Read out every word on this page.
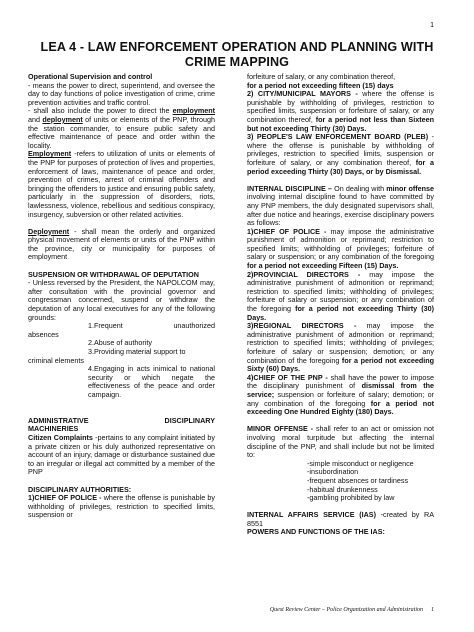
1
LEA 4 - LAW ENFORCEMENT OPERATION AND PLANNING WITH CRIME MAPPING

Operational Supervision and control

- means the power to direct, superintend, and oversee the day to day functions of police investigation of crime, crime prevention activities and traffic control.

- shall also include the power to direct the employment and deployment of units or elements of the PNP, through the station commander, to ensure public safety and effective maintenance of peace and order within the locality.

Employment -refers to utilization of units or elements of the PNP for purposes of protection of lives and properties, enforcement of laws, maintenance of peace and order, prevention of crimes, arrest of criminal offenders and bringing the offenders to justice and ensuring public safety, particularly in the suppression of disorders, riots, lawlessness, violence, rebellious and seditious conspiracy, insurgency, subversion or other related activities.

Deployment - shall mean the orderly and organized physical movement of elements or units of the PNP within the province, city or municipality for purposes of employment

SUSPENSION OR WITHDRAWAL OF DEPUTATION

- Unless reversed by the President, the NAPOLCOM may, after consultation with the provincial governor and congressman concerned, suspend or withdraw the deputation of any local executives for any of the following grounds:

1.Frequent	unauthorized

absences

2.Abuse of authority

3.Providing material support to

criminal elements

4.Engaging in acts inimical to national security or which negate the effectiveness of the peace and order campaign.

ADMINISTRATIVE	DISCIPLINARY

MACHINERIES

Citizen Complaints -pertains to any complaint initiated by a private citizen or his duly authorized representative on account of an injury, damage or disturbance sustained due to an irregular or illegal act committed by a member of the PNP

DISCIPLINARY AUTHORITIES:

1)CHIEF OF POLICE - where the offense is punishable by withholding of privileges, restriction to specified limits, suspension or

forfeiture of salary, or any combination thereof,

for a period not exceeding fifteen (15) days

2) CITY/MUNICIPAL MAYORS - where the offense is punishable by withholding of privileges, restriction to specified limits, suspension or forfeiture of salary, or any combination thereof, for a period not less than Sixteen but not exceeding Thirty (30) Days.

3) PEOPLE'S LAW ENFORCEMENT BOARD (PLEB) -where the offense is punishable by withholding of privileges, restriction to specified limits, suspension or forfeiture of salary, or any combination thereof, for a period exceeding Thirty (30) Days, or by Dismissal.

INTERNAL DISCIPLINE – On dealing with minor offense involving internal discipline found to have committed by any PNP members, the duly designated supervisors shall, after due notice and hearings, exercise disciplinary powers as follows:

1)CHIEF OF POLICE - may impose the administrative punishment of admonition or reprimand; restriction to specified limits; withholding of privileges; forfeiture of salary or suspension; or any combination of the foregoing for a period not exceeding Fifteen (15) Days.

2)PROVINCIAL DIRECTORS - may impose the administrative punishment of admonition or reprimand; restriction to specified limits; withholding of privileges; forfeiture of salary or suspension; or any combination of the foregoing for a period not exceeding Thirty (30) Days.

3)REGIONAL DIRECTORS - may impose the administrative punishment of admonition or reprimand; restriction to specified limits; withholding of privileges; forfeiture of salary or suspension; demotion; or any combination of the foregoing for a period not exceeding Sixty (60) Days.

4)CHIEF OF THE PNP - shall have the power to impose the disciplinary punishment of dismissal from the service; suspension or forfeiture of salary; demotion; or any combination of the foregoing for a period not exceeding One Hundred Eighty (180) Days.

MINOR OFFENSE - shall refer to an act or omission not involving moral turpitude but affecting the internal discipline of the PNP, and shall include but not be limited to:

-simple misconduct or negligence

-insubordination

-frequent absences or tardiness

-habitual drunkenness

-gambling prohibited by law

INTERNAL AFFAIRS SERVICE (IAS) -created by RA 8551

POWERS AND FUNCTIONS OF THE IAS:

Quest Review Center – Police Organization and Administration 1
